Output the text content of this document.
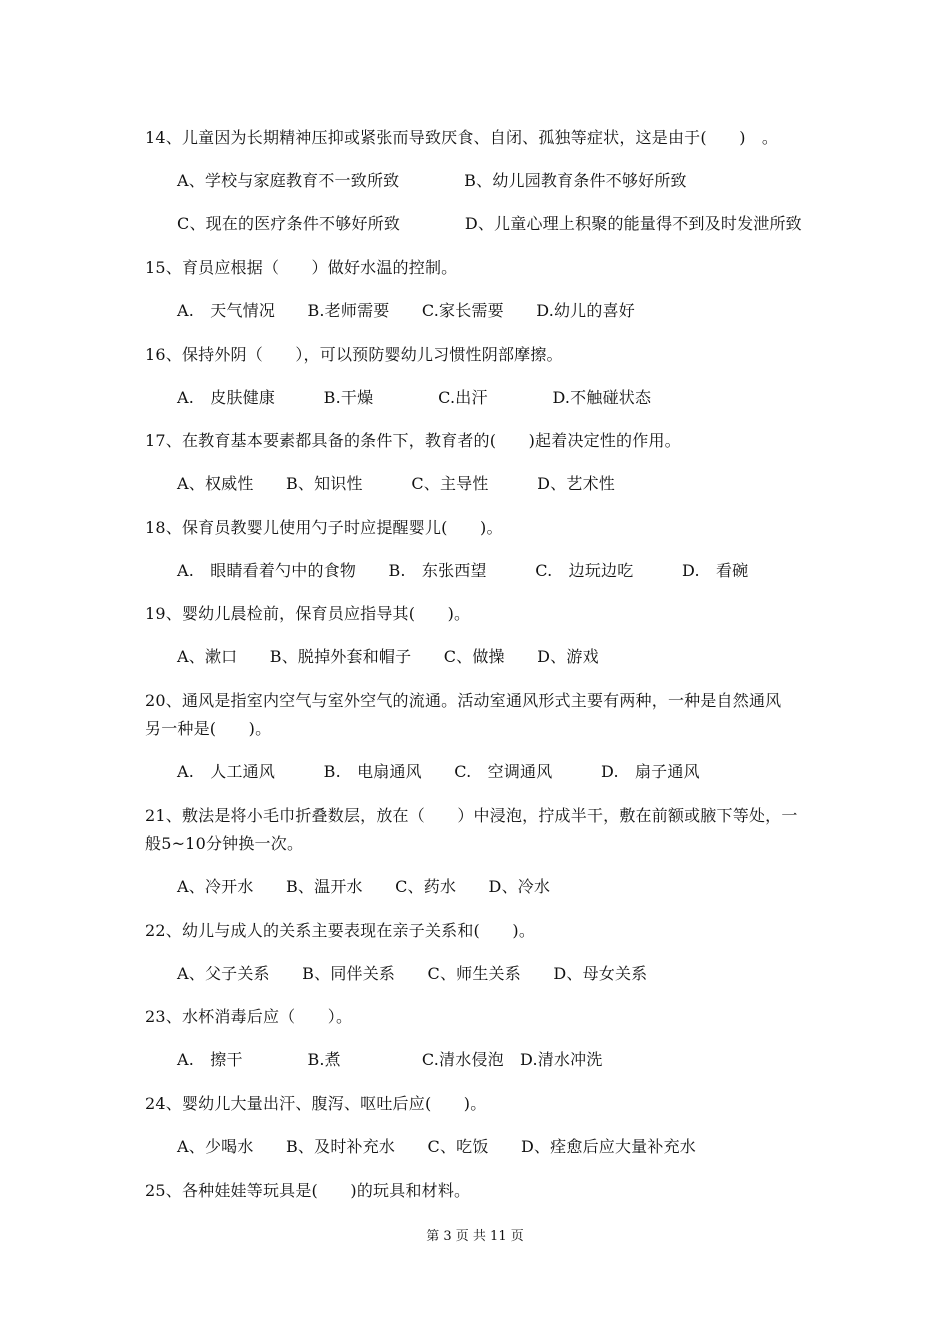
14、儿童因为长期精神压抑或紧张而导致厌食、自闭、孤独等症状，这是由于(　　)　。
A、学校与家庭教育不一致所致　　　　B、幼儿园教育条件不够好所致
C、现在的医疗条件不够好所致　　　　D、儿童心理上积聚的能量得不到及时发泄所致
15、育员应根据（　　）做好水温的控制。
A.　天气情况　　B.老师需要　　C.家长需要　　D.幼儿的喜好
16、保持外阴（　　），可以预防婴幼儿习惯性阴部摩擦。
A.　皮肤健康　　　B.干燥　　　　C.出汗　　　　D.不触碰状态
17、在教育基本要素都具备的条件下，教育者的(　　)起着决定性的作用。
A、权威性　　B、知识性　　　C、主导性　　　D、艺术性
18、保育员教婴儿使用勺子时应提醒婴儿(　　)。
A.　眼睛看着勺中的食物　　B.　东张西望　　　C.　边玩边吃　　　D.　看碗
19、婴幼儿晨检前，保育员应指导其(　　)。
A、漱口　　B、脱掉外套和帽子　　C、做操　　D、游戏
20、通风是指室内空气与室外空气的流通。活动室通风形式主要有两种，一种是自然通风
另一种是(　　)。
A.　人工通风　　　B.　电扇通风　　C.　空调通风　　　D.　扇子通风
21、敷法是将小毛巾折叠数层，放在（　　）中浸泡，拧成半干，敷在前额或腋下等处，一
般5~10分钟换一次。
A、冷开水　　B、温开水　　C、药水　　D、冷水
22、幼儿与成人的关系主要表现在亲子关系和(　　)。
A、父子关系　　B、同伴关系　　C、师生关系　　D、母女关系
23、水杯消毒后应（　　）。
A.　擦干　　　　B.煮　　　　　C.清水侵泡　D.清水冲洗
24、婴幼儿大量出汗、腹泻、呕吐后应(　　)。
A、少喝水　　B、及时补充水　　C、吃饭　　D、痊愈后应大量补充水
25、各种娃娃等玩具是(　　)的玩具和材料。
第 3 页 共 11 页
